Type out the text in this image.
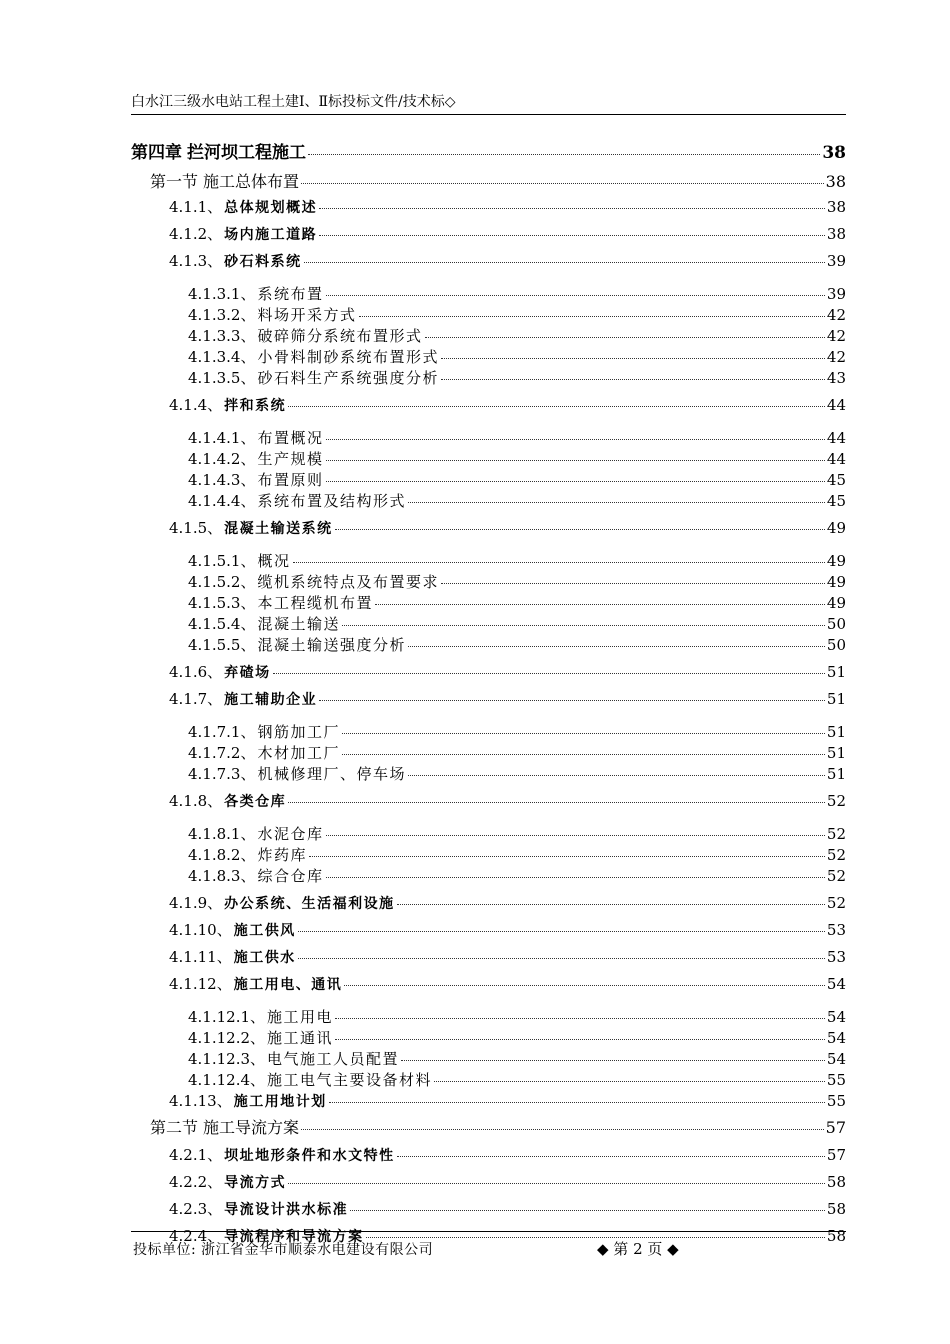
白水江三级水电站工程土建Ⅰ、Ⅱ标投标文件/技术标◇
第四章 拦河坝工程施工	38
第一节 施工总体布置	38
4.1.1、 总体规划概述	38
4.1.2、 场内施工道路	38
4.1.3、 砂石料系统	39
4.1.3.1、 系统布置	39
4.1.3.2、 料场开采方式	42
4.1.3.3、 破碎筛分系统布置形式	42
4.1.3.4、 小骨料制砂系统布置形式	42
4.1.3.5、 砂石料生产系统强度分析	43
4.1.4、 拌和系统	44
4.1.4.1、 布置概况	44
4.1.4.2、 生产规模	44
4.1.4.3、 布置原则	45
4.1.4.4、 系统布置及结构形式	45
4.1.5、 混凝土输送系统	49
4.1.5.1、 概况	49
4.1.5.2、 缆机系统特点及布置要求	49
4.1.5.3、 本工程缆机布置	49
4.1.5.4、 混凝土输送	50
4.1.5.5、 混凝土输送强度分析	50
4.1.6、 弃碴场	51
4.1.7、 施工辅助企业	51
4.1.7.1、 钢筋加工厂	51
4.1.7.2、 木材加工厂	51
4.1.7.3、 机械修理厂、停车场	51
4.1.8、 各类仓库	52
4.1.8.1、 水泥仓库	52
4.1.8.2、 炸药库	52
4.1.8.3、 综合仓库	52
4.1.9、 办公系统、生活福利设施	52
4.1.10、 施工供风	53
4.1.11、 施工供水	53
4.1.12、 施工用电、通讯	54
4.1.12.1、 施工用电	54
4.1.12.2、 施工通讯	54
4.1.12.3、 电气施工人员配置	54
4.1.12.4、 施工电气主要设备材料	55
4.1.13、 施工用地计划	55
第二节 施工导流方案	57
4.2.1、 坝址地形条件和水文特性	57
4.2.2、 导流方式	58
4.2.3、 导流设计洪水标准	58
4.2.4、 导流程序和导流方案	58
投标单位: 浙江省金华市顺泰水电建设有限公司	◆ 第 2 页 ◆
